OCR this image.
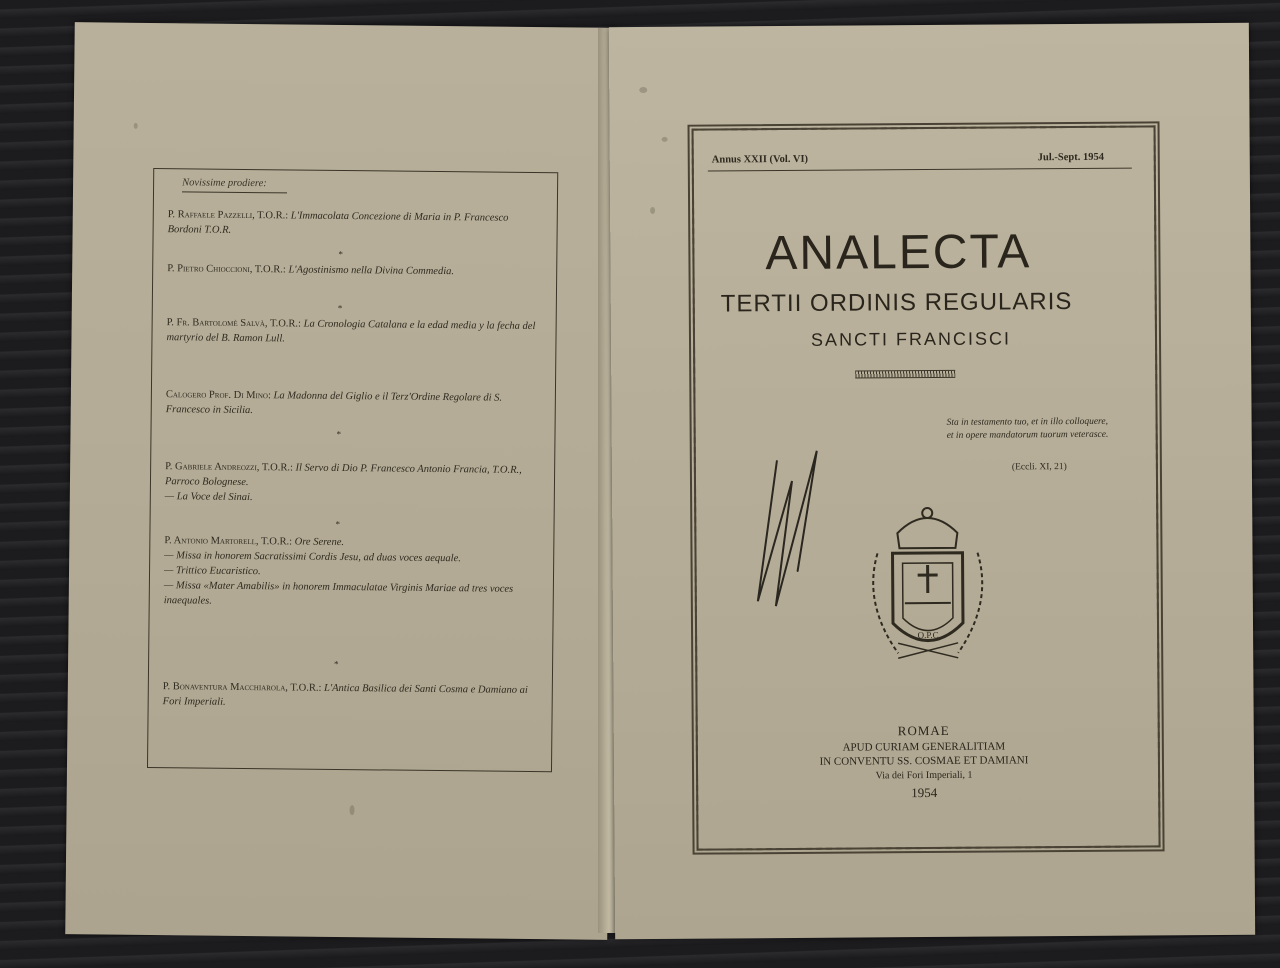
Novissime prodiere:
P. Raffaele Pazzelli, T.O.R.: L'Immacolata Concezione di Maria in P. Francesco Bordoni T.O.R.
*
P. Pietro Chioccioni, T.O.R.: L'Agostinismo nella Divina Commedia.
*
P. Fr. Bartolomè Salvà, T.O.R.: La Cronologia Catalana e la edad media y la fecha del martyrio del B. Ramon Lull.
Calogero Prof. Di Mino: La Madonna del Giglio e il Terz'Ordine Regolare di S. Francesco in Sicilia.
*
P. Gabriele Andreozzi, T.O.R.: Il Servo di Dio P. Francesco Antonio Francia, T.O.R., Parroco Bolognese.
— La Voce del Sinai.
*
P. Antonio Martorell, T.O.R.: Ore Serene.
— Missa in honorem Sacratissimi Cordis Jesu, ad duas voces aequale.
— Trittico Eucaristico.
— Missa «Mater Amabilis» in honorem Immaculatae Virginis Mariae ad tres voces inaequales.
*
P. Bonaventura Macchiarola, T.O.R.: L'Antica Basilica dei Santi Cosma e Damiano ai Fori Imperiali.
Annus XXII (Vol. VI)	Jul.-Sept. 1954
ANALECTA
TERTII ORDINIS REGULARIS
SANCTI FRANCISCI
Sta in testamento tuo, et in illo colloquere, et in opere mandatorum tuorum veterasce.
(Eccli. XI, 21)
O.P.C
ROMAE
APUD CURIAM GENERALITIAM
IN CONVENTU SS. COSMAE ET DAMIANI
Via dei Fori Imperiali, 1
1954
